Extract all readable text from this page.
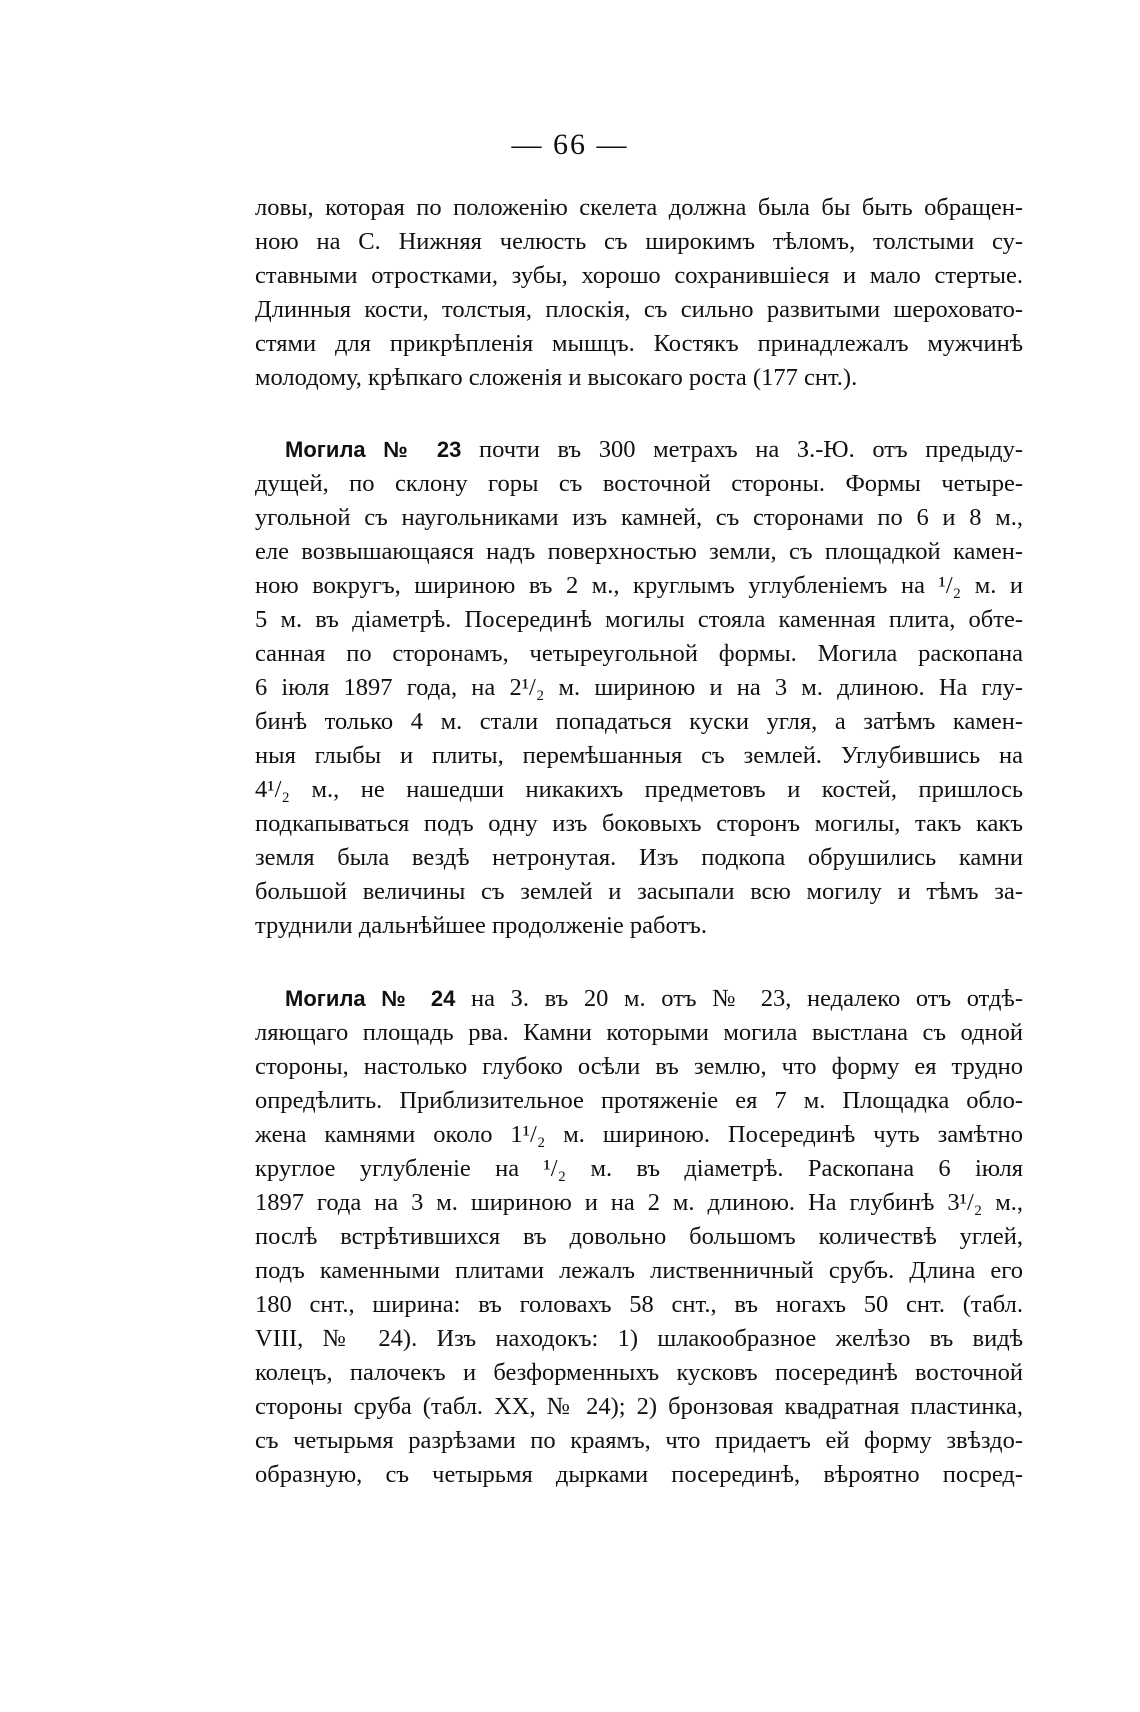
— 66 —
ловы, которая по положенію скелета должна была бы быть обращен-
ною на С. Нижняя челюсть съ широкимъ тѣломъ, толстыми су-
ставными отростками, зубы, хорошо сохранившіеся и мало стертые.
Длинныя кости, толстыя, плоскія, съ сильно развитыми шероховато-
стями для прикрѣпленія мышцъ. Костякъ принадлежалъ мужчинѣ
молодому, крѣпкаго сложенія и высокаго роста (177 снт.).
Могила № 23 почти въ 300 метрахъ на З.-Ю. отъ предыду-
дущей, по склону горы съ восточной стороны. Формы четыре-
угольной съ наугольниками изъ камней, съ сторонами по 6 и 8 м.,
еле возвышающаяся надъ поверхностью земли, съ площадкой камен-
ною вокругъ, шириною въ 2 м., круглымъ углубленіемъ на ¹/₂ м. и
5 м. въ діаметрѣ. Посерединѣ могилы стояла каменная плита, обте-
санная по сторонамъ, четыреугольной формы. Могила раскопана
6 іюля 1897 года, на 2¹/₂ м. шириною и на 3 м. длиною. На глу-
бинѣ только 4 м. стали попадаться куски угля, а затѣмъ камен-
ныя глыбы и плиты, перемѣшанныя съ землей. Углубившись на
4¹/₂ м., не нашедши никакихъ предметовъ и костей, пришлось
подкапываться подъ одну изъ боковыхъ сторонъ могилы, такъ какъ
земля была вездѣ нетронутая. Изъ подкопа обрушились камни
большой величины съ землей и засыпали всю могилу и тѣмъ за-
труднили дальнѣйшее продолженіе работъ.
Могила № 24 на З. въ 20 м. отъ № 23, недалеко отъ отдѣ-
ляющаго площадь рва. Камни которыми могила выстлана съ одной
стороны, настолько глубоко осѣли въ землю, что форму ея трудно
опредѣлить. Приблизительное протяженіе ея 7 м. Площадка обло-
жена камнями около 1¹/₂ м. шириною. Посерединѣ чуть замѣтно
круглое углубленіе на ¹/₂ м. въ діаметрѣ. Раскопана 6 іюля
1897 года на 3 м. шириною и на 2 м. длиною. На глубинѣ 3¹/₂ м.,
послѣ встрѣтившихся въ довольно большомъ количествѣ углей,
подъ каменными плитами лежалъ лиственничный срубъ. Длина его
180 снт., ширина: въ головахъ 58 снт., въ ногахъ 50 снт. (табл.
VIII, № 24). Изъ находокъ: 1) шлакообразное желѣзо въ видѣ
колецъ, палочекъ и безформенныхъ кусковъ посерединѣ восточной
стороны сруба (табл. XX, № 24); 2) бронзовая квадратная пластинка,
съ четырьмя разрѣзами по краямъ, что придаетъ ей форму звѣздо-
образную, съ четырьмя дырками посерединѣ, вѣроятно посред-
